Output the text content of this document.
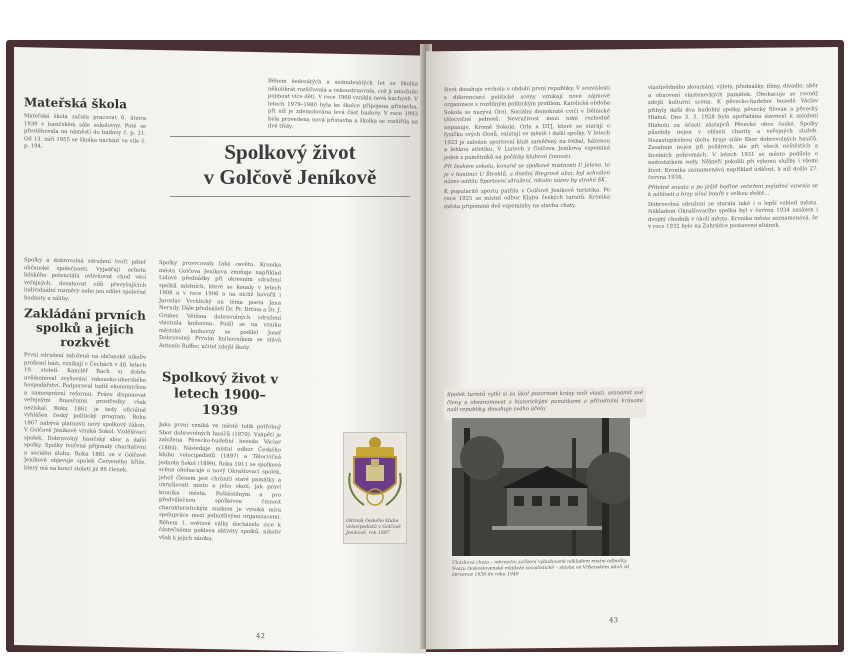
Mateřská škola

Mateřská škola začala pracovat 6. února 1939 v hasičském sále sokolovny. Poté se přestěhovala na náměstí do budovy č. p. 21. Od 13. září 1955 se školka nachází ve vile č. p. 194.

Během šedesátých a sedmdesátých let se školka několikrát rozšiřovala a rekonstruovala, což ji umožnilo pojmout více dětí. V roce 1968 vznikla nová kuchyně. V letech 1979–1980 byla ke školce připojena přístavba, při níž je zdemolována levá část budovy. V roce 1993 byla provedena nová přístavba a školka se rozšířila na dvě třídy.

Spolky a dobrovolná sdružení tvoří páteř občanské společnosti. Vyjadřují ochotu lidského potenciálu ovlivňovat chod věcí veřejných, dosahovat cílů převyšujících individuální rozměry nebo jen sdílet společné hodnoty a záliby.

Zakládání prvních spolků a jejich rozkvět

První sdružení založená na občanské nikoliv profesní bázi, vznikají v Čechách v 40. letech 19. století. Kancléř Bach si dobře uvědomoval zvyšování rakousko-uherského hospodářství. Podporoval tudíž ekonomickou a samosprávní reformu. Právo disponovat veřejnými finančními prostředky však nezískal. Roku 1861 je tedy oficiálně vyhlášen český politický program. Roku 1867 nabývá platnosti nový spolkový zákon. V Golčově Jeníkově vzniká Sokol, Vzdělávací spolek, Dobrovolný hasičský sbor a další spolky. Spolky tvořené přijímaly charitativní a sociální úlohu. Roku 1881 se v Golčově Jeníkově objevuje spolek Červeného kříže, který má na konci století již 86 členek.

Spolky prosvcovaly také osvětu. Kronika města Golčova Jeníkova zmiňuje například Lidové přednášky při okresním sdružení spolků místních, které se konaly v letech 1908 a v roce 1906 a na níchž hovořil i Jaroslav Vrchlický na téma poeta Jana Nerudy. Dále přednášeli Dr. Pr. Drtina a Dr. J. Gruber. Většina dobrovolných sdružení vlastnila knihovnu. Podíl se na vzniku městské knihovny se podílel Josef Dobrovolný. Prvním knihovníkem se stává Antonín Ruffer, učitel zdejší školy.

Spolkový život v letech 1900–1939

Jako první vzniká ve městě tolik potřebný Sbor dobrovolných hasičů (1870). Vzápětí je založena Pěvecko-hudební beseda Václav (1884). Následuje místní odbor Českého klubu velocipedistů (1897) a Tělocvičná jednota Sokol (1899). Roku 1911 se spolková scéna obohacuje o nový Okrašlovací spolek, jehož členem jest chrániti staré památky a okrašlovati místo a jeho okolí, jak praví kronika města. Poštěstilným a pro předválečnou spolkovou činnost charakteristickým znakem je vysoká míra spolupráce mezi jednotlivými organizacemi. Během 1. světové války docházelo sice k částečnému poklesu aktivity spolků, nikoliv však k jejich zániku.

42
Spolkový život
v Golčově Jeníkově
Odznak českého klubu velocipedistů v Golčově Jeníkově, rok 1897

život dosahuje vrcholu v období první republiky. V souvislosti s diferenciací politické scény vznikají nové zájmové organizace s rozdílným politickým profilem. Katolická obdoba Sokola se nazývá Orel. Sociální demokraté cvičí v Dělnické tělocvičné jednotě. Nevraživost mezi nimi rozhodně nepanuje. Kromě Sokola, Orla a DTJ, které se starají o fyzičku svých členů, existují ve městě i další spolky. V letech 1923 je založen sportovní klub zaměřený na fotbal, házenou a lehkou atletiku. V Listech z Golčova Jeníkova vzpomíná jeden z pamětníků na počátky klubové činnosti.

Při českém sokolu, konané se spolkové místnosti U Jelena, to je v hostinci U Štrohlů, a dnešní Riegrově ulici, byl schválen název oddílu Sportovní sdružení, nikoliv název by strohé SK.

K popularitě sportu patřila v Golčově Jeníkově turistika. Po roce 1925 se místní odbor Klubu českých turistů. Kronika města připomíná dvě vzpomínky na stavbu chaty.

vlastivědného zkoumání, výlety, přednášky, filmy, divadlo, sběr a obnovení vlasteneckých památek. Obohacuje se rovněž zdejší kulturní scéna. K pěvecko-hudební besedě Václav přibyly další dva hudební spolky, pěvecký Slovan a pěvecký Hlahol. Dne 3. 3. 1928 byla upořádána slavnost k založení Hlaholu za účasti zástupců Pěvecké obce české. Spolky působily nejen v oblasti charity a veřejných služeb. Nezastupitelnou úlohu hraje stále Sbor dobrovolných hasičů. Zasahuje nejen při požárech, ale při všech neštěstích a živelních pohromách. V letech 1931 se město podílelo o nedostatkem vody. Někteří pokolili při výkonu služby i všemi život. Kronika zaznamenává například událost, k níž došlo 27. června 1934.

Přiletné sousta a po ještě bodlné večeření pojízdná vznesla se k náhlosti a brzy silná bouře s velkou deště...

Dobrovolná sdružení se starala také i o lepší vzhled města. Nákladem Okrašlovacího spolku byl v červnu 1934 zasázen i dvojitý chodník v okolí města. Kronika města zaznamenává, že v roce 1932 bylo na Zahrádce postaveno altánek.

Spolek turistů vytkl si za úkol pozornost krásy naší vlasti, seznámit své členy a obeznamovat s historickými památkami a přírodními krásami naší republiky, dosahuje svého účelu

43
Ukázková chata – rekreační zařízení vybudované nákladem místní odbočky Svazu československé mládeže socialistické – stavba ve Vrbenském údolí od července 1938 do roku 1948
